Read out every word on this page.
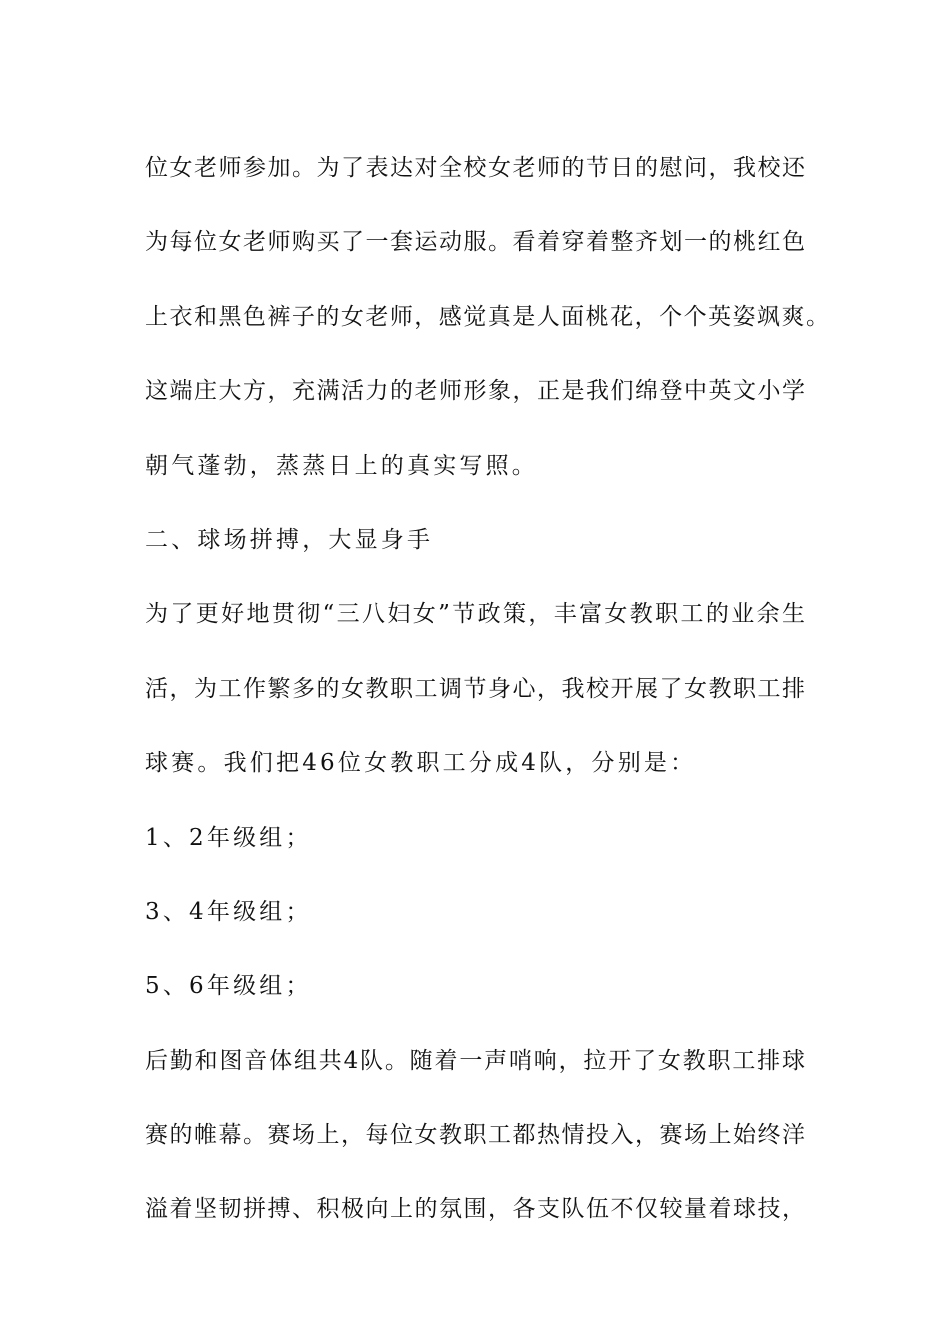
位女老师参加。为了表达对全校女老师的节日的慰问，我校还
为每位女老师购买了一套运动服。看着穿着整齐划一的桃红色
上衣和黑色裤子的女老师，感觉真是人面桃花，个个英姿飒爽。
这端庄大方，充满活力的老师形象，正是我们绵登中英文小学
朝气蓬勃，蒸蒸日上的真实写照。
二、球场拼搏，大显身手
为了更好地贯彻“三八妇女”节政策，丰富女教职工的业余生
活，为工作繁多的女教职工调节身心，我校开展了女教职工排
球赛。我们把46位女教职工分成4队，分别是：
1、2年级组；
3、4年级组；
5、6年级组；
后勤和图音体组共4队。随着一声哨响，拉开了女教职工排球
赛的帷幕。赛场上，每位女教职工都热情投入，赛场上始终洋
溢着坚韧拼搏、积极向上的氛围，各支队伍不仅较量着球技，
